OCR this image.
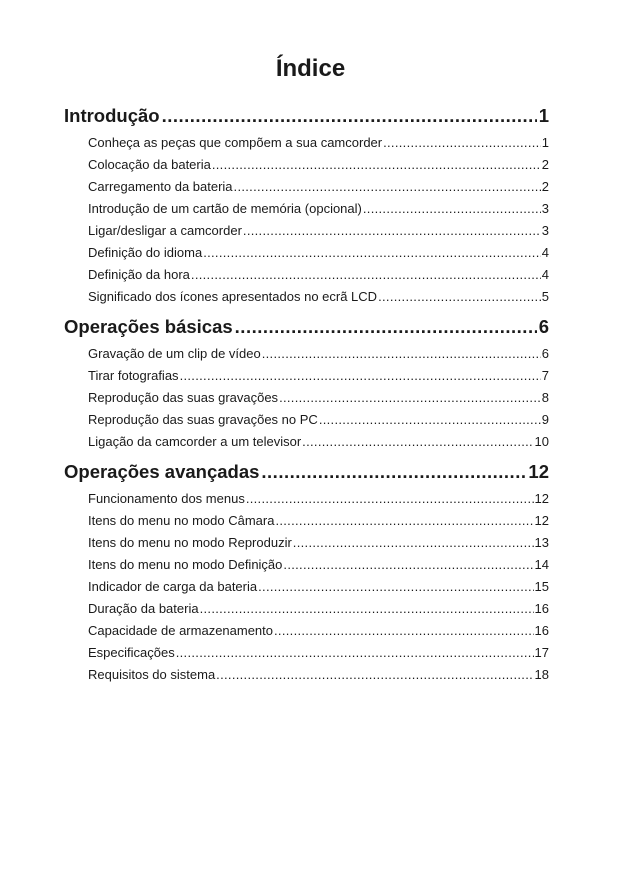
Índice
Introdução .....	1
Conheça as peças que compõem a sua camcorder .....	1
Colocação da bateria .....	2
Carregamento da bateria .....	2
Introdução de um cartão de memória (opcional) .....	3
Ligar/desligar a camcorder .....	3
Definição do idioma .....	4
Definição da hora .....	4
Significado dos ícones apresentados no ecrã LCD .....	5
Operações básicas .....	6
Gravação de um clip de vídeo .....	6
Tirar fotografias .....	7
Reprodução das suas gravações .....	8
Reprodução das suas gravações no PC .....	9
Ligação da camcorder a um televisor .....	10
Operações avançadas .....	12
Funcionamento dos menus .....	12
Itens do menu no modo Câmara .....	12
Itens do menu no modo Reproduzir .....	13
Itens do menu no modo Definição .....	14
Indicador de carga da bateria .....	15
Duração da bateria .....	16
Capacidade de armazenamento .....	16
Especificações .....	17
Requisitos do sistema .....	18
